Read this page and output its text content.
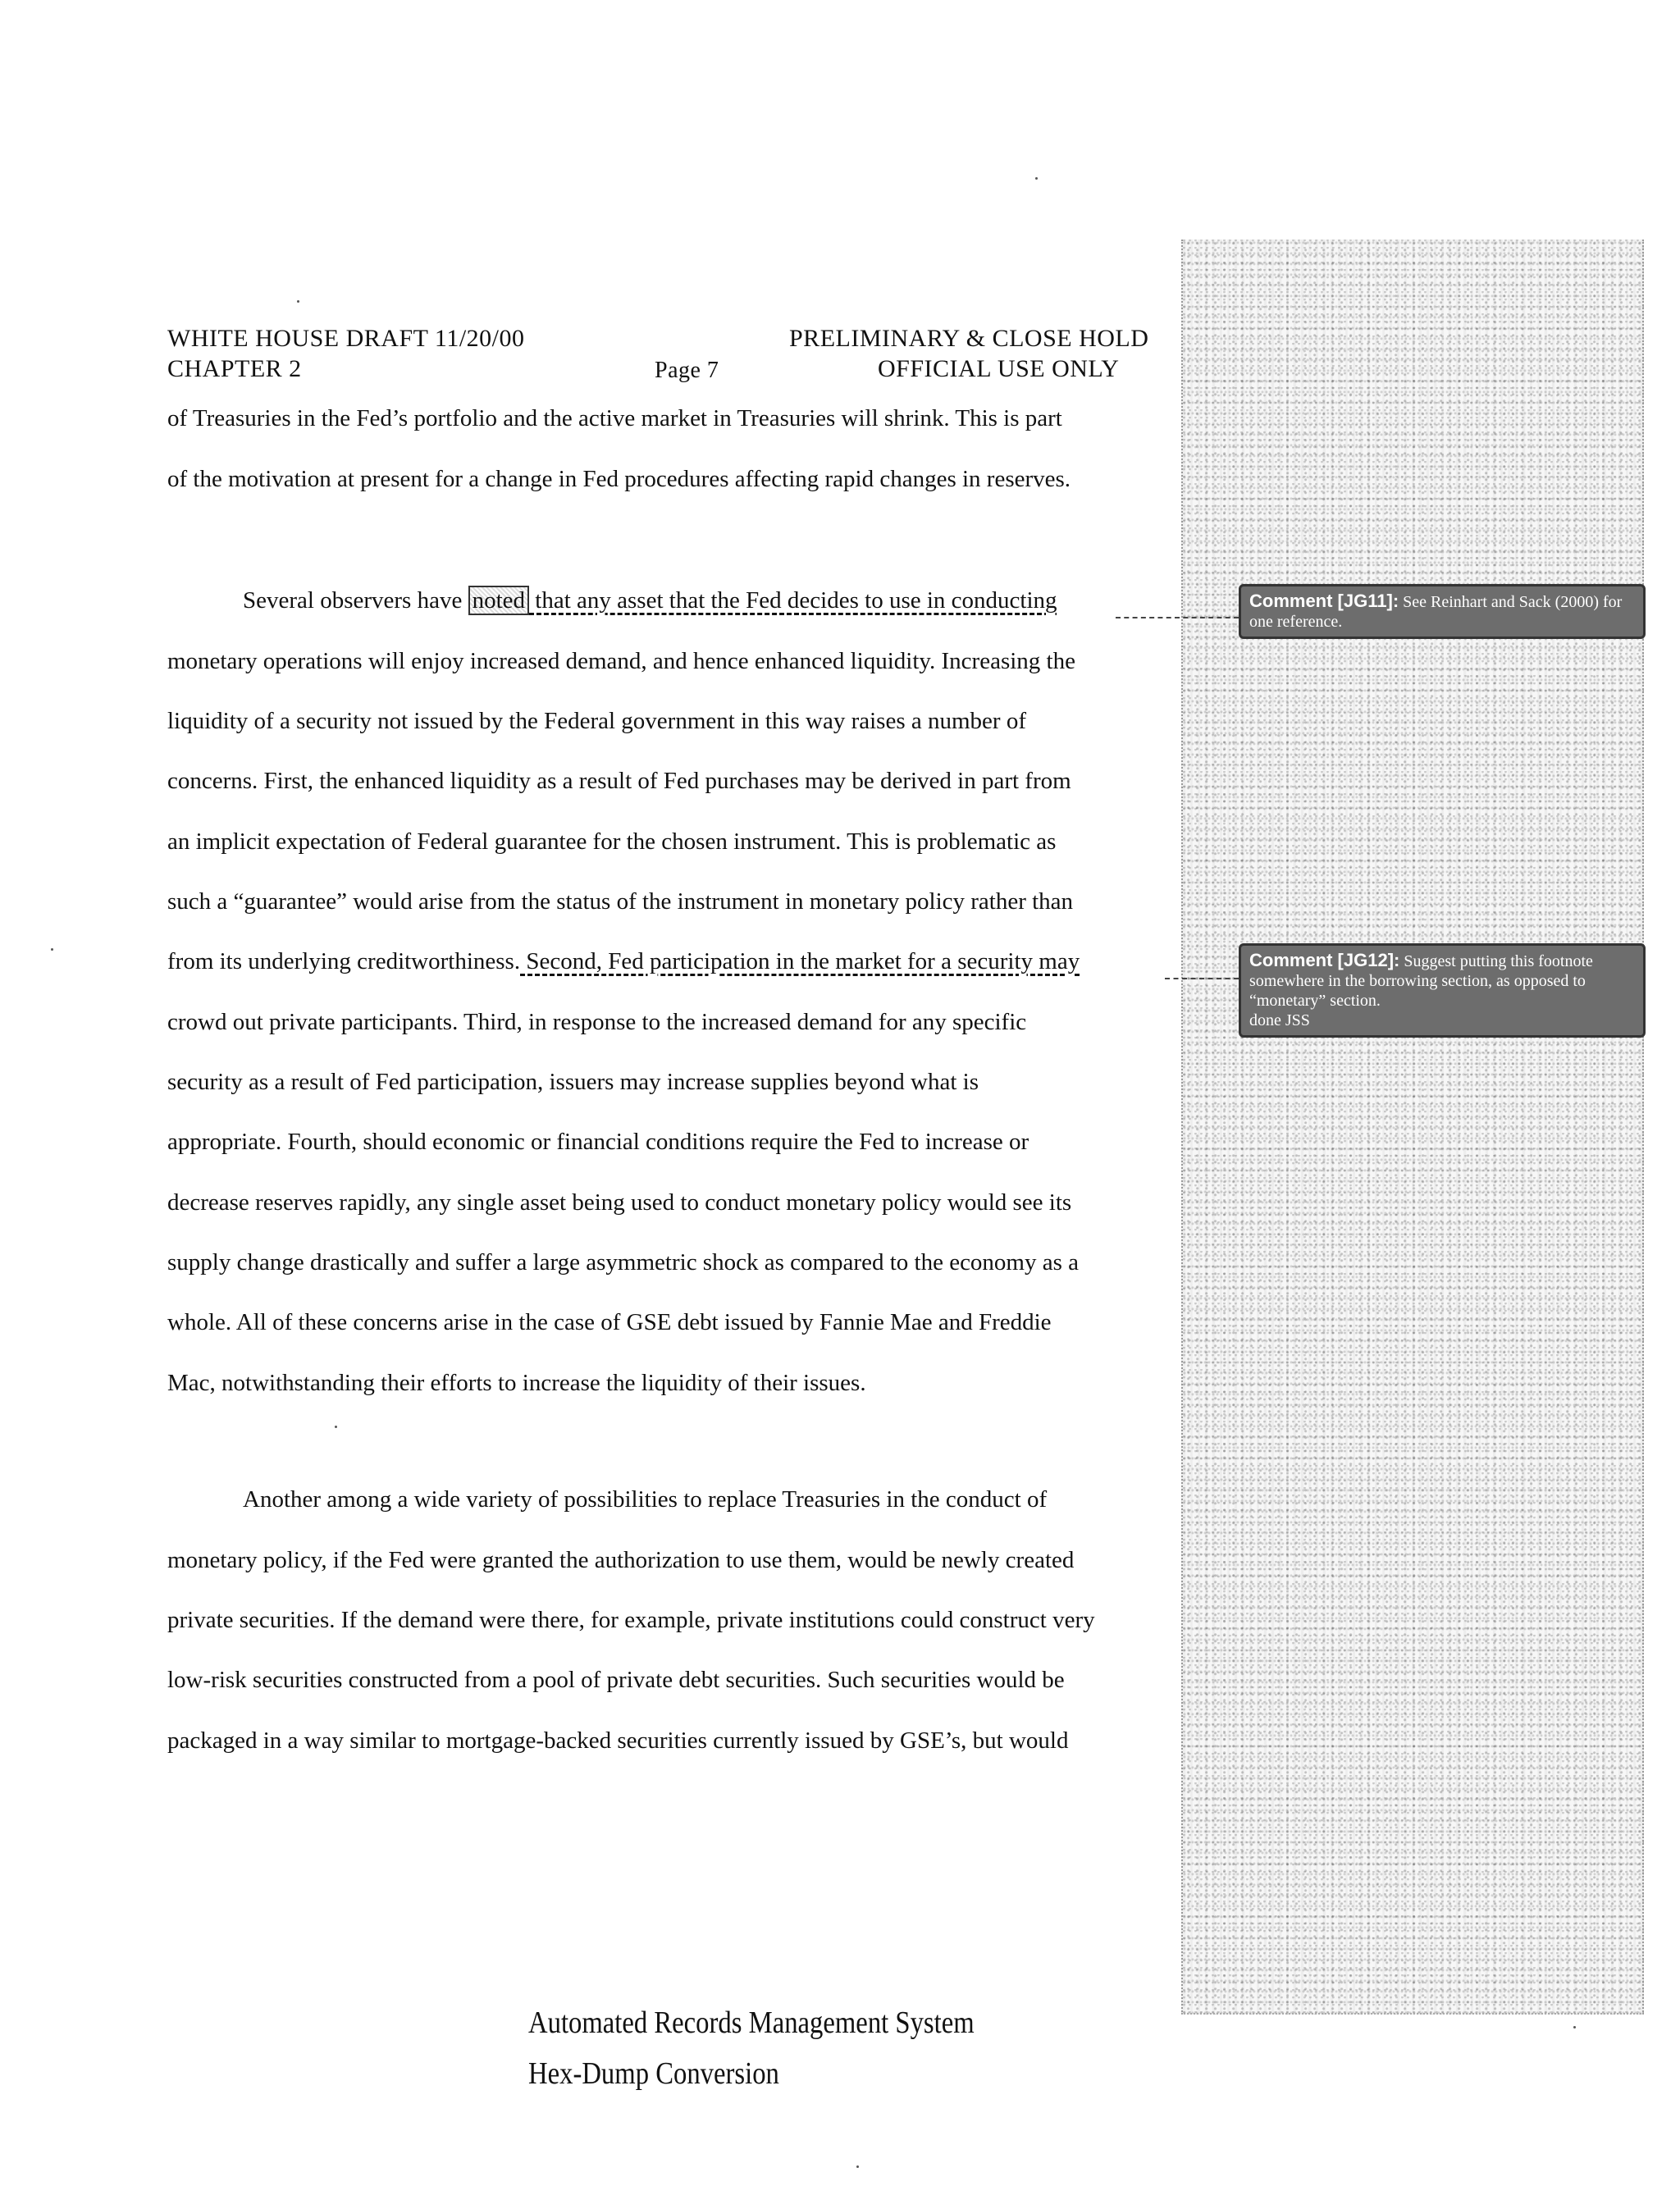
WHITE HOUSE DRAFT 11/20/00
CHAPTER 2	Page 7
PRELIMINARY & CLOSE HOLD
OFFICIAL USE ONLY
of Treasuries in the Fed’s portfolio and the active market in Treasuries will shrink. This is part
of the motivation at present for a change in Fed procedures affecting rapid changes in reserves.
Several observers have noted that any asset that the Fed decides to use in conducting
monetary operations will enjoy increased demand, and hence enhanced liquidity. Increasing the
liquidity of a security not issued by the Federal government in this way raises a number of
concerns. First, the enhanced liquidity as a result of Fed purchases may be derived in part from
an implicit expectation of Federal guarantee for the chosen instrument. This is problematic as
such a “guarantee” would arise from the status of the instrument in monetary policy rather than
from its underlying creditworthiness. Second, Fed participation in the market for a security may
crowd out private participants. Third, in response to the increased demand for any specific
security as a result of Fed participation, issuers may increase supplies beyond what is
appropriate. Fourth, should economic or financial conditions require the Fed to increase or
decrease reserves rapidly, any single asset being used to conduct monetary policy would see its
supply change drastically and suffer a large asymmetric shock as compared to the economy as a
whole. All of these concerns arise in the case of GSE debt issued by Fannie Mae and Freddie
Mac, notwithstanding their efforts to increase the liquidity of their issues.
Another among a wide variety of possibilities to replace Treasuries in the conduct of
monetary policy, if the Fed were granted the authorization to use them, would be newly created
private securities. If the demand were there, for example, private institutions could construct very
low-risk securities constructed from a pool of private debt securities. Such securities would be
packaged in a way similar to mortgage-backed securities currently issued by GSE’s, but would
Comment [JG11]: See Reinhart and Sack (2000) for one reference.
Comment [JG12]: Suggest putting this footnote somewhere in the borrowing section, as opposed to “monetary” section.
done JSS
Automated Records Management System
Hex-Dump Conversion
